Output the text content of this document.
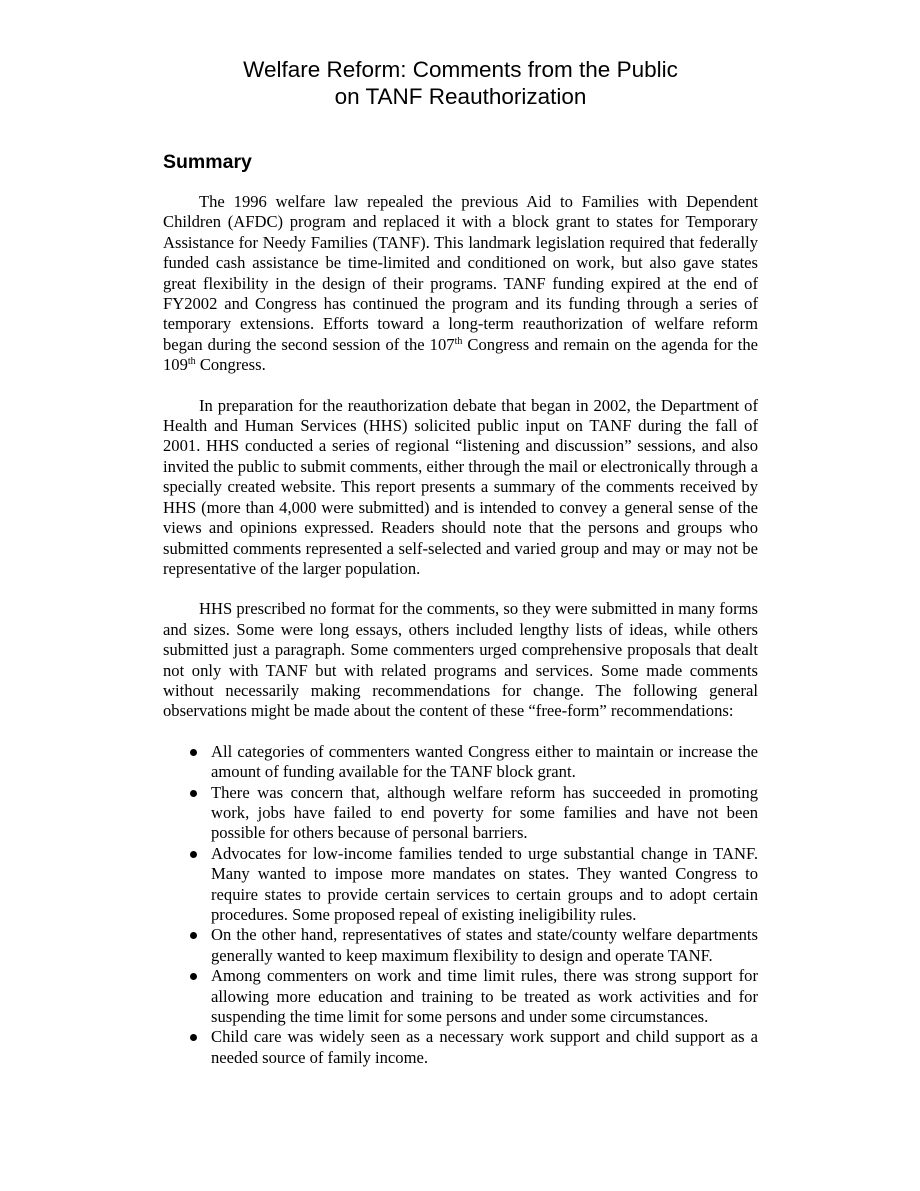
Welfare Reform: Comments from the Public
on TANF Reauthorization
Summary

The 1996 welfare law repealed the previous Aid to Families with Dependent Children (AFDC) program and replaced it with a block grant to states for Temporary Assistance for Needy Families (TANF). This landmark legislation required that federally funded cash assistance be time-limited and conditioned on work, but also gave states great flexibility in the design of their programs. TANF funding expired at the end of FY2002 and Congress has continued the program and its funding through a series of temporary extensions. Efforts toward a long-term reauthorization of welfare reform began during the second session of the 107th Congress and remain on the agenda for the 109th Congress.

In preparation for the reauthorization debate that began in 2002, the Department of Health and Human Services (HHS) solicited public input on TANF during the fall of 2001. HHS conducted a series of regional “listening and discussion” sessions, and also invited the public to submit comments, either through the mail or electronically through a specially created website. This report presents a summary of the comments received by HHS (more than 4,000 were submitted) and is intended to convey a general sense of the views and opinions expressed. Readers should note that the persons and groups who submitted comments represented a self-selected and varied group and may or may not be representative of the larger population.

HHS prescribed no format for the comments, so they were submitted in many forms and sizes. Some were long essays, others included lengthy lists of ideas, while others submitted just a paragraph. Some commenters urged comprehensive proposals that dealt not only with TANF but with related programs and services. Some made comments without necessarily making recommendations for change. The following general observations might be made about the content of these “free-form” recommendations:

All categories of commenters wanted Congress either to maintain or increase the amount of funding available for the TANF block grant.
There was concern that, although welfare reform has succeeded in promoting work, jobs have failed to end poverty for some families and have not been possible for others because of personal barriers.
Advocates for low-income families tended to urge substantial change in TANF. Many wanted to impose more mandates on states. They wanted Congress to require states to provide certain services to certain groups and to adopt certain procedures. Some proposed repeal of existing ineligibility rules.
On the other hand, representatives of states and state/county welfare departments generally wanted to keep maximum flexibility to design and operate TANF.
Among commenters on work and time limit rules, there was strong support for allowing more education and training to be treated as work activities and for suspending the time limit for some persons and under some circumstances.
Child care was widely seen as a necessary work support and child support as a needed source of family income.
